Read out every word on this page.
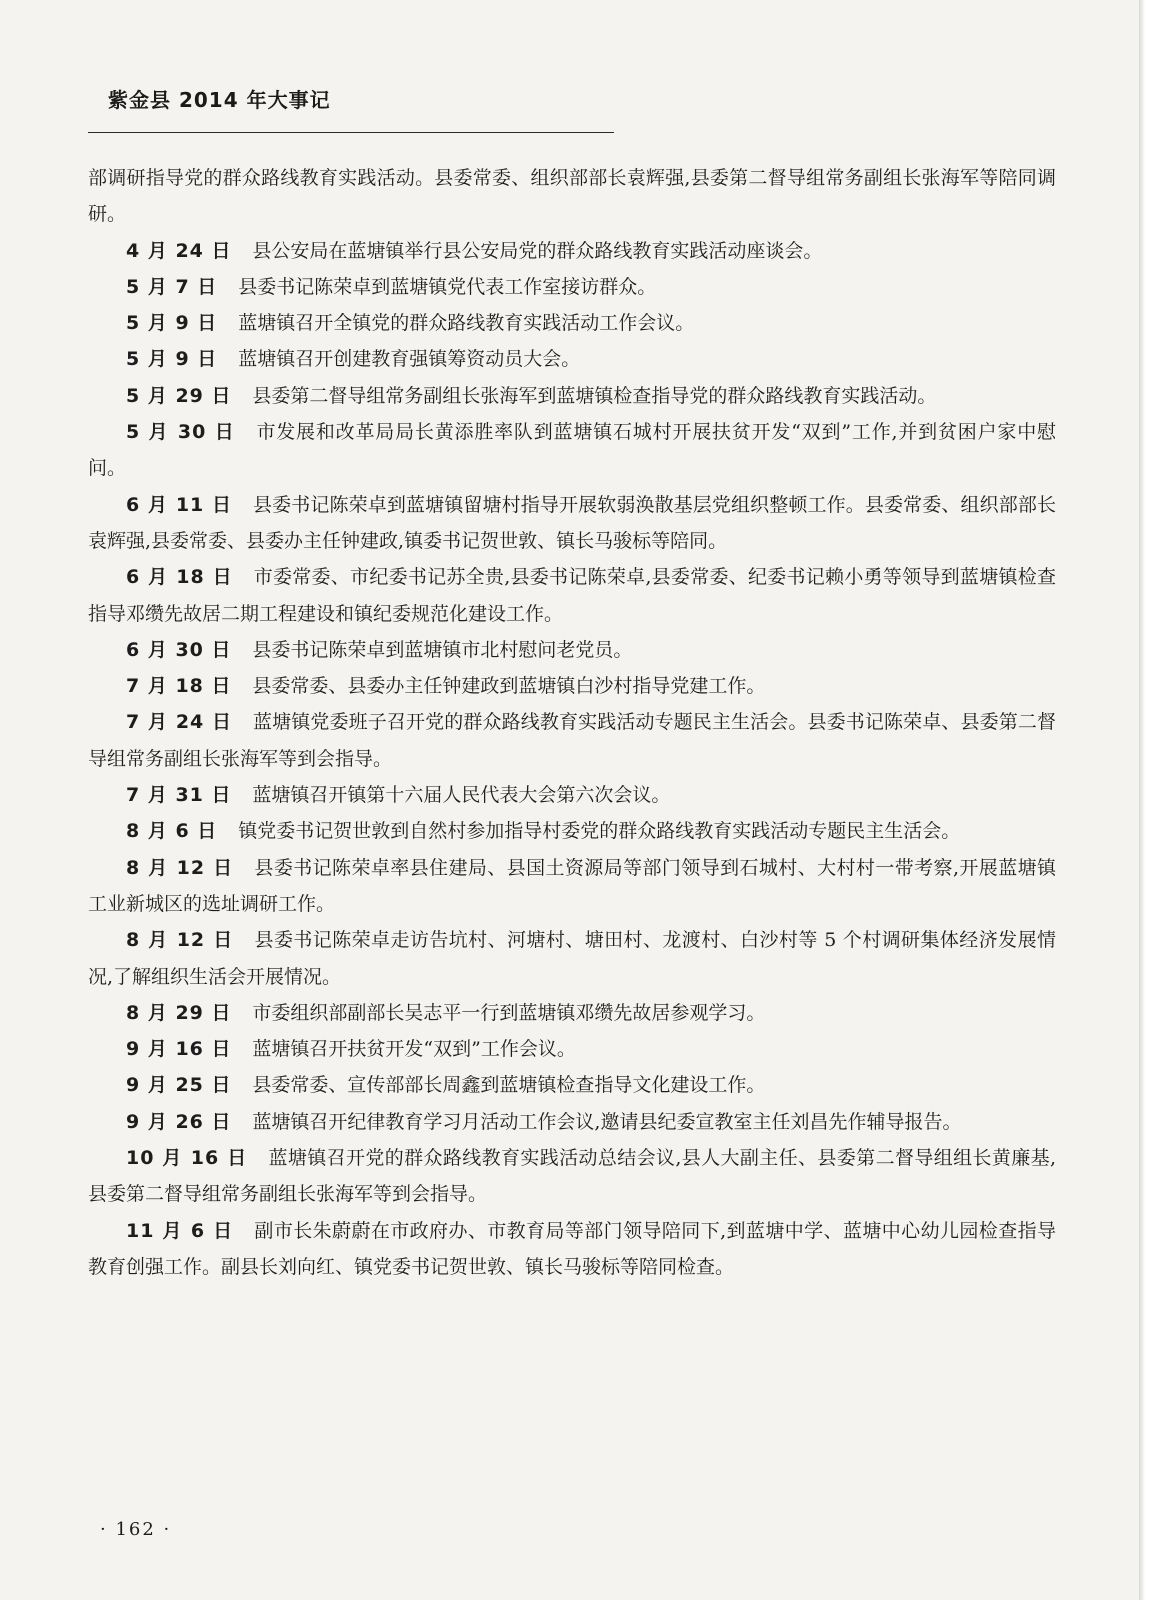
紫金县 2014 年大事记

部调研指导党的群众路线教育实践活动。县委常委、组织部部长袁辉强,县委第二督导组常务副组长张海军等陪同调研。

4 月 24 日 县公安局在蓝塘镇举行县公安局党的群众路线教育实践活动座谈会。

5 月 7 日 县委书记陈荣卓到蓝塘镇党代表工作室接访群众。

5 月 9 日 蓝塘镇召开全镇党的群众路线教育实践活动工作会议。

5 月 9 日 蓝塘镇召开创建教育强镇筹资动员大会。

5 月 29 日 县委第二督导组常务副组长张海军到蓝塘镇检查指导党的群众路线教育实践活动。

5 月 30 日 市发展和改革局局长黄添胜率队到蓝塘镇石城村开展扶贫开发“双到”工作,并到贫困户家中慰问。

6 月 11 日 县委书记陈荣卓到蓝塘镇留塘村指导开展软弱涣散基层党组织整顿工作。县委常委、组织部部长袁辉强,县委常委、县委办主任钟建政,镇委书记贺世敦、镇长马骏标等陪同。

6 月 18 日 市委常委、市纪委书记苏全贵,县委书记陈荣卓,县委常委、纪委书记赖小勇等领导到蓝塘镇检查指导邓缵先故居二期工程建设和镇纪委规范化建设工作。

6 月 30 日 县委书记陈荣卓到蓝塘镇市北村慰问老党员。

7 月 18 日 县委常委、县委办主任钟建政到蓝塘镇白沙村指导党建工作。

7 月 24 日 蓝塘镇党委班子召开党的群众路线教育实践活动专题民主生活会。县委书记陈荣卓、县委第二督导组常务副组长张海军等到会指导。

7 月 31 日 蓝塘镇召开镇第十六届人民代表大会第六次会议。

8 月 6 日 镇党委书记贺世敦到自然村参加指导村委党的群众路线教育实践活动专题民主生活会。

8 月 12 日 县委书记陈荣卓率县住建局、县国土资源局等部门领导到石城村、大村村一带考察,开展蓝塘镇工业新城区的选址调研工作。

8 月 12 日 县委书记陈荣卓走访告坑村、河塘村、塘田村、龙渡村、白沙村等 5 个村调研集体经济发展情况,了解组织生活会开展情况。

8 月 29 日 市委组织部副部长吴志平一行到蓝塘镇邓缵先故居参观学习。

9 月 16 日 蓝塘镇召开扶贫开发“双到”工作会议。

9 月 25 日 县委常委、宣传部部长周鑫到蓝塘镇检查指导文化建设工作。

9 月 26 日 蓝塘镇召开纪律教育学习月活动工作会议,邀请县纪委宣教室主任刘昌先作辅导报告。

10 月 16 日 蓝塘镇召开党的群众路线教育实践活动总结会议,县人大副主任、县委第二督导组组长黄廉基,县委第二督导组常务副组长张海军等到会指导。

11 月 6 日 副市长朱蔚蔚在市政府办、市教育局等部门领导陪同下,到蓝塘中学、蓝塘中心幼儿园检查指导教育创强工作。副县长刘向红、镇党委书记贺世敦、镇长马骏标等陪同检查。

· 162 ·
